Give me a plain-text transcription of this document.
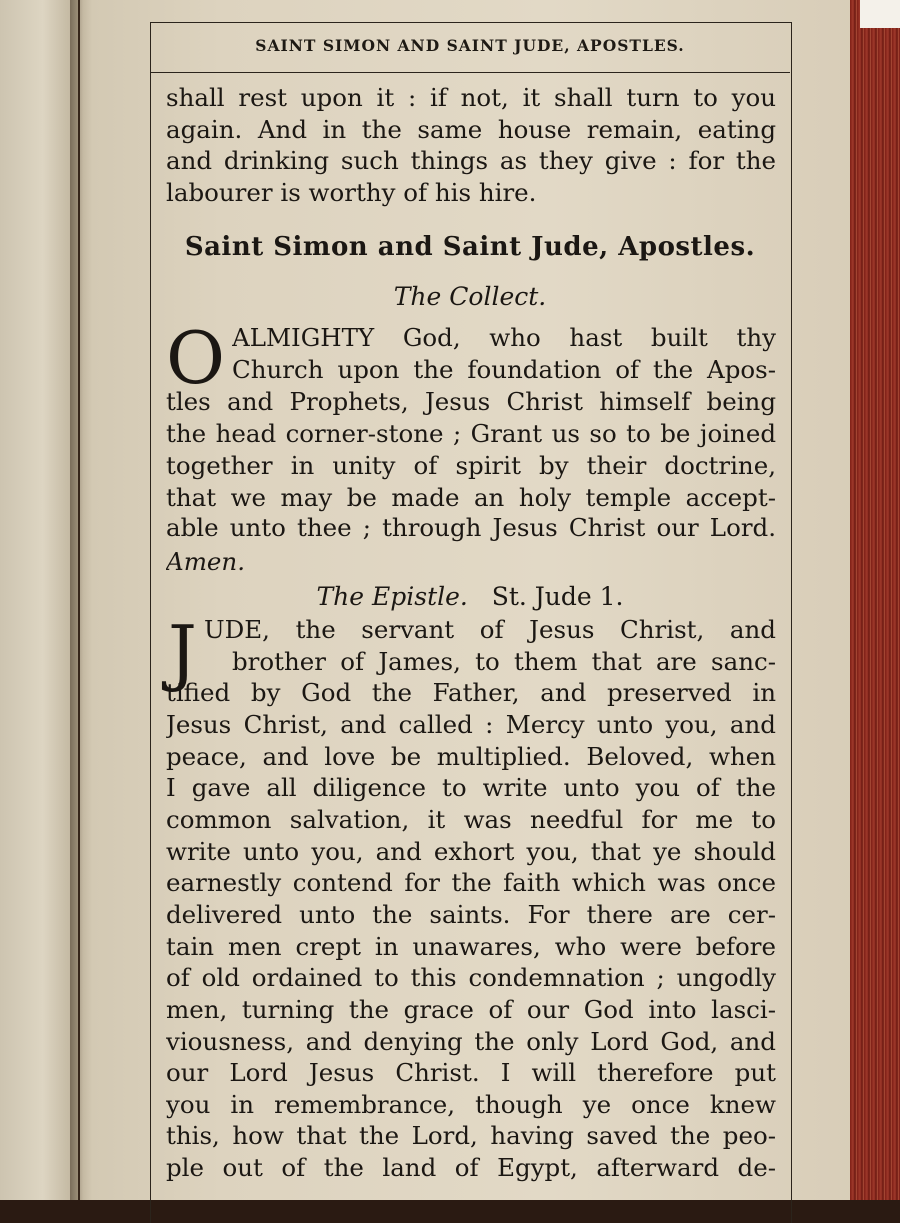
SAINT SIMON AND SAINT JUDE, APOSTLES.
shall rest upon it : if not, it shall turn to you
again. And in the same house remain, eating
and drinking such things as they give : for the
labourer is worthy of his hire.
Saint Simon and Saint Jude, Apostles.
The Collect.
O ALMIGHTY God, who hast built thy
Church upon the foundation of the Apos-
tles and Prophets, Jesus Christ himself being
the head corner-stone ; Grant us so to be joined
together in unity of spirit by their doctrine,
that we may be made an holy temple accept-
able unto thee ; through Jesus Christ our Lord.
Amen.
The Epistle. St. Jude 1.
J UDE, the servant of Jesus Christ, and
brother of James, to them that are sanc-
tified by God the Father, and preserved in
Jesus Christ, and called : Mercy unto you, and
peace, and love be multiplied. Beloved, when
I gave all diligence to write unto you of the
common salvation, it was needful for me to
write unto you, and exhort you, that ye should
earnestly contend for the faith which was once
delivered unto the saints. For there are cer-
tain men crept in unawares, who were before
of old ordained to this condemnation ; ungodly
men, turning the grace of our God into lasci-
viousness, and denying the only Lord God, and
our Lord Jesus Christ. I will therefore put
you in remembrance, though ye once knew
this, how that the Lord, having saved the peo-
ple out of the land of Egypt, afterward de-
